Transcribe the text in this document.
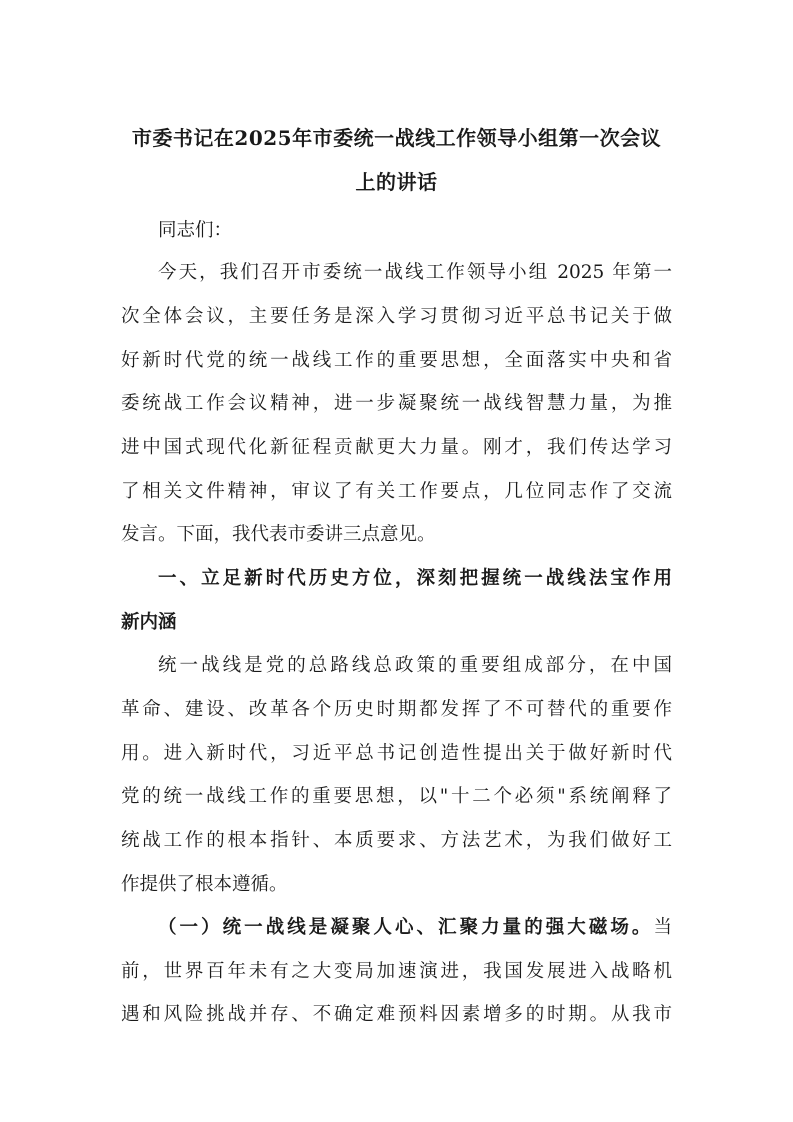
市委书记在2025年市委统一战线工作领导小组第一次会议
上的讲话
同志们：
今天，我们召开市委统一战线工作领导小组 2025 年第一
次全体会议，主要任务是深入学习贯彻习近平总书记关于做
好新时代党的统一战线工作的重要思想，全面落实中央和省
委统战工作会议精神，进一步凝聚统一战线智慧力量，为推
进中国式现代化新征程贡献更大力量。刚才，我们传达学习
了相关文件精神，审议了有关工作要点，几位同志作了交流
发言。下面，我代表市委讲三点意见。
一、立足新时代历史方位，深刻把握统一战线法宝作用
新内涵
统一战线是党的总路线总政策的重要组成部分，在中国
革命、建设、改革各个历史时期都发挥了不可替代的重要作
用。进入新时代，习近平总书记创造性提出关于做好新时代
党的统一战线工作的重要思想，以"十二个必须"系统阐释了
统战工作的根本指针、本质要求、方法艺术，为我们做好工
作提供了根本遵循。
（一）统一战线是凝聚人心、汇聚力量的强大磁场。当
前，世界百年未有之大变局加速演进，我国发展进入战略机
遇和风险挑战并存、不确定难预料因素增多的时期。从我市
